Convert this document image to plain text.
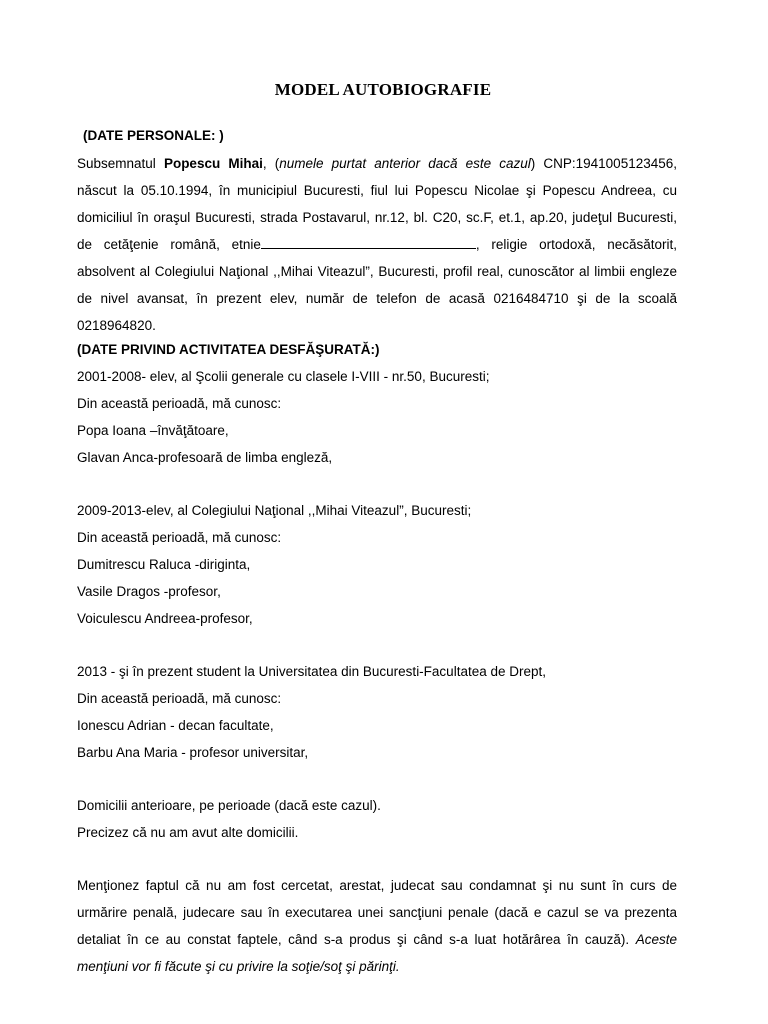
MODEL AUTOBIOGRAFIE
(DATE PERSONALE: )
Subsemnatul Popescu Mihai, (numele purtat anterior dacă este cazul) CNP:1941005123456, născut la 05.10.1994, în municipiul Bucuresti, fiul lui Popescu Nicolae şi Popescu Andreea, cu domiciliul în oraşul Bucuresti, strada Postavarul, nr.12, bl. C20, sc.F, et.1, ap.20, judeţul Bucuresti, de cetăţenie română, etnie	, religie ortodoxă, necăsătorit, absolvent al Colegiului Naţional ,,Mihai Viteazul”, Bucuresti, profil real, cunoscător al limbii engleze de nivel avansat, în prezent elev, număr de telefon de acasă 0216484710 şi de la scoală 0218964820.
(DATE PRIVIND ACTIVITATEA DESFĂŞURATĂ:)
2001-2008- elev, al Şcolii generale cu clasele I-VIII - nr.50, Bucuresti;
Din această perioadă, mă cunosc:
Popa Ioana –învăţătoare,
Glavan Anca-profesoară de limba engleză,
2009-2013-elev, al Colegiului Naţional ,,Mihai Viteazul”, Bucuresti;
Din această perioadă, mă cunosc:
Dumitrescu Raluca -diriginta,
Vasile Dragos -profesor,
Voiculescu Andreea-profesor,
2013 - şi în prezent student la Universitatea din Bucuresti-Facultatea de Drept,
Din această perioadă, mă cunosc:
Ionescu Adrian - decan facultate,
Barbu Ana Maria - profesor universitar,
Domicilii anterioare, pe perioade (dacă este cazul).
Precizez că nu am avut alte domicilii.
Menţionez faptul că nu am fost cercetat, arestat, judecat sau condamnat şi nu sunt în curs de urmărire penală, judecare sau în executarea unei sancţiuni penale (dacă e cazul se va prezenta detaliat în ce au constat faptele, când s-a produs şi când s-a luat hotărârea în cauză). Aceste menţiuni vor fi făcute şi cu privire la soţie/soţ şi părinţi.
